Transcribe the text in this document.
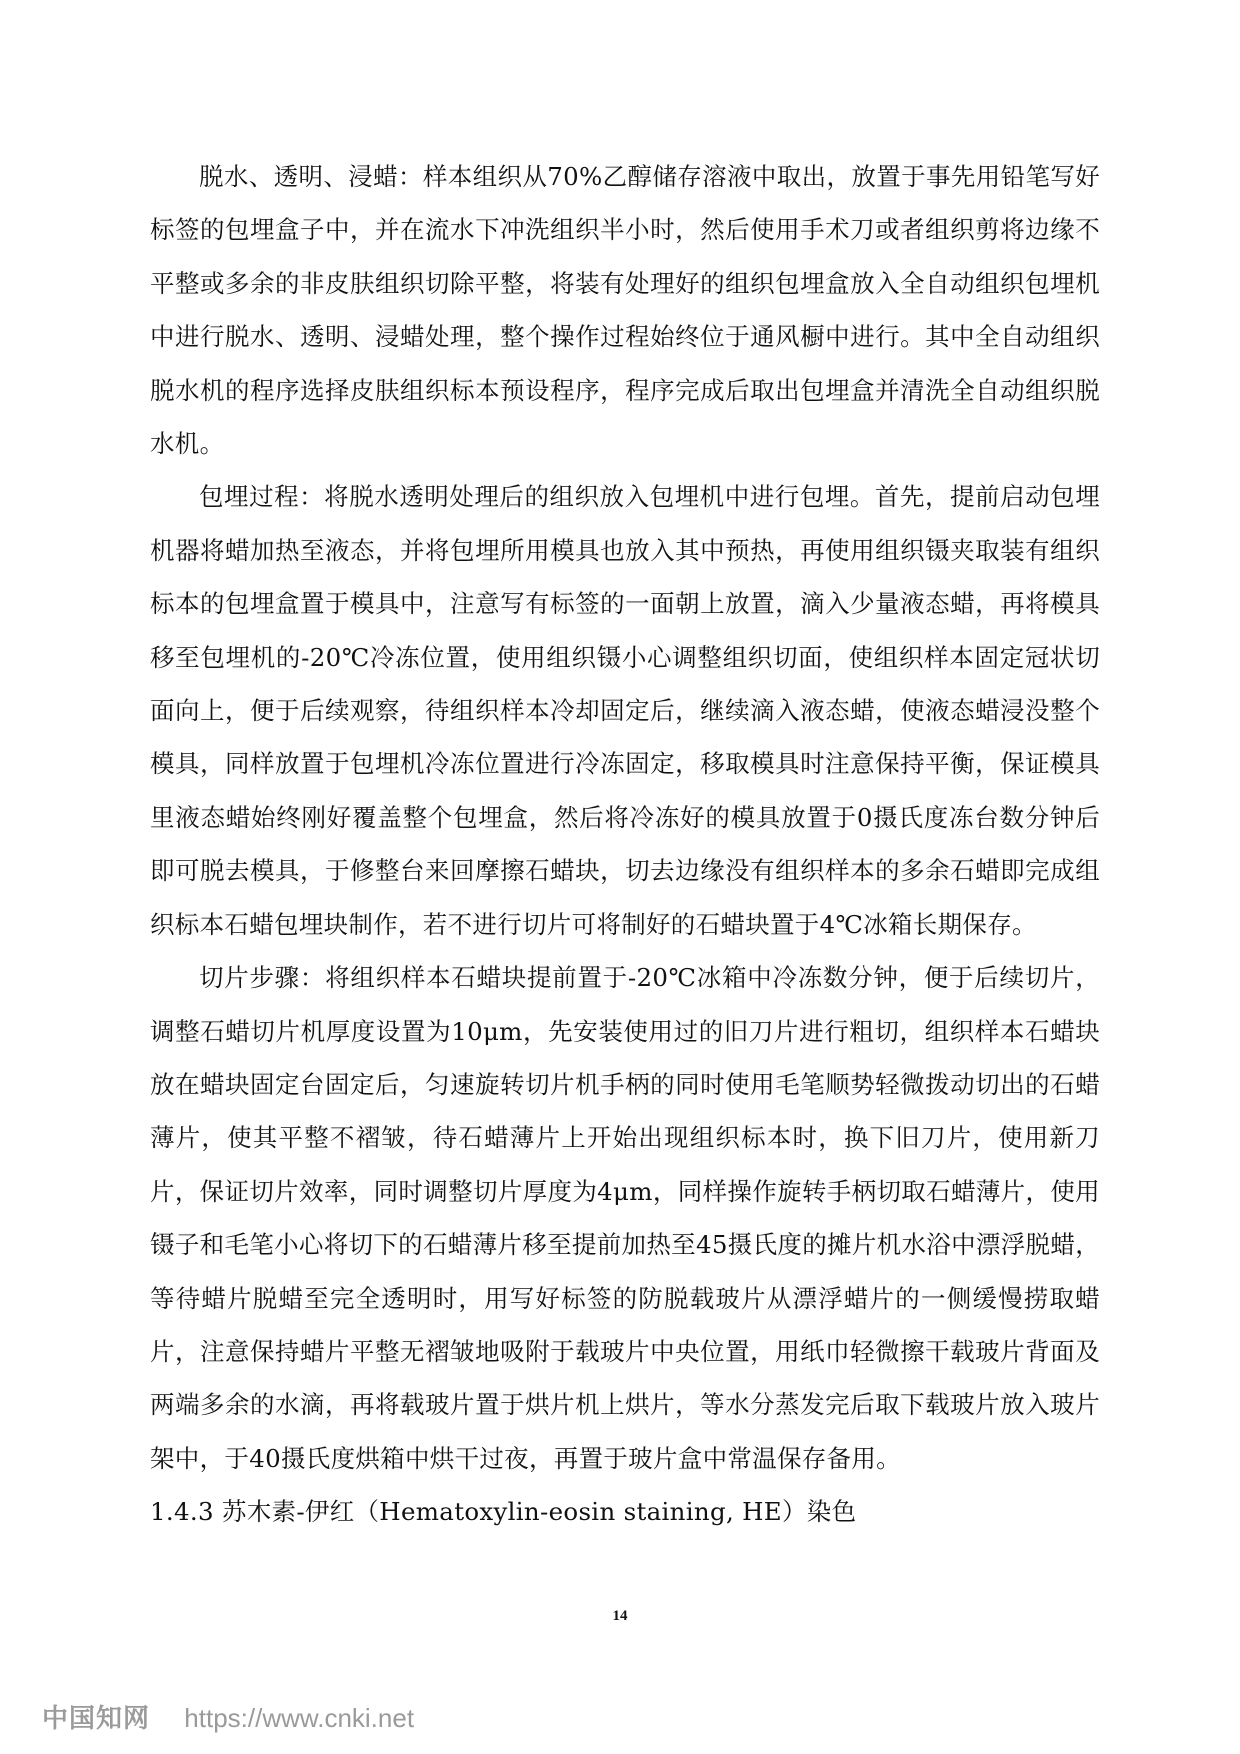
脱水、透明、浸蜡：样本组织从70%乙醇储存溶液中取出，放置于事先用铅笔写好标签的包埋盒子中，并在流水下冲洗组织半小时，然后使用手术刀或者组织剪将边缘不平整或多余的非皮肤组织切除平整，将装有处理好的组织包埋盒放入全自动组织包埋机中进行脱水、透明、浸蜡处理，整个操作过程始终位于通风橱中进行。其中全自动组织脱水机的程序选择皮肤组织标本预设程序，程序完成后取出包埋盒并清洗全自动组织脱水机。

包埋过程：将脱水透明处理后的组织放入包埋机中进行包埋。首先，提前启动包埋机器将蜡加热至液态，并将包埋所用模具也放入其中预热，再使用组织镊夹取装有组织标本的包埋盒置于模具中，注意写有标签的一面朝上放置，滴入少量液态蜡，再将模具移至包埋机的-20℃冷冻位置，使用组织镊小心调整组织切面，使组织样本固定冠状切面向上，便于后续观察，待组织样本冷却固定后，继续滴入液态蜡，使液态蜡浸没整个模具，同样放置于包埋机冷冻位置进行冷冻固定，移取模具时注意保持平衡，保证模具里液态蜡始终刚好覆盖整个包埋盒，然后将冷冻好的模具放置于0摄氏度冻台数分钟后即可脱去模具，于修整台来回摩擦石蜡块，切去边缘没有组织样本的多余石蜡即完成组织标本石蜡包埋块制作，若不进行切片可将制好的石蜡块置于4℃冰箱长期保存。

切片步骤：将组织样本石蜡块提前置于-20℃冰箱中冷冻数分钟，便于后续切片，调整石蜡切片机厚度设置为10μm，先安装使用过的旧刀片进行粗切，组织样本石蜡块放在蜡块固定台固定后，匀速旋转切片机手柄的同时使用毛笔顺势轻微拨动切出的石蜡薄片，使其平整不褶皱，待石蜡薄片上开始出现组织标本时，换下旧刀片，使用新刀片，保证切片效率，同时调整切片厚度为4μm，同样操作旋转手柄切取石蜡薄片，使用镊子和毛笔小心将切下的石蜡薄片移至提前加热至45摄氏度的摊片机水浴中漂浮脱蜡，等待蜡片脱蜡至完全透明时，用写好标签的防脱载玻片从漂浮蜡片的一侧缓慢捞取蜡片，注意保持蜡片平整无褶皱地吸附于载玻片中央位置，用纸巾轻微擦干载玻片背面及两端多余的水滴，再将载玻片置于烘片机上烘片，等水分蒸发完后取下载玻片放入玻片架中，于40摄氏度烘箱中烘干过夜，再置于玻片盒中常温保存备用。

1.4.3 苏木素-伊红（Hematoxylin-eosin staining, HE）染色

14
中国知网 https://www.cnki.net
